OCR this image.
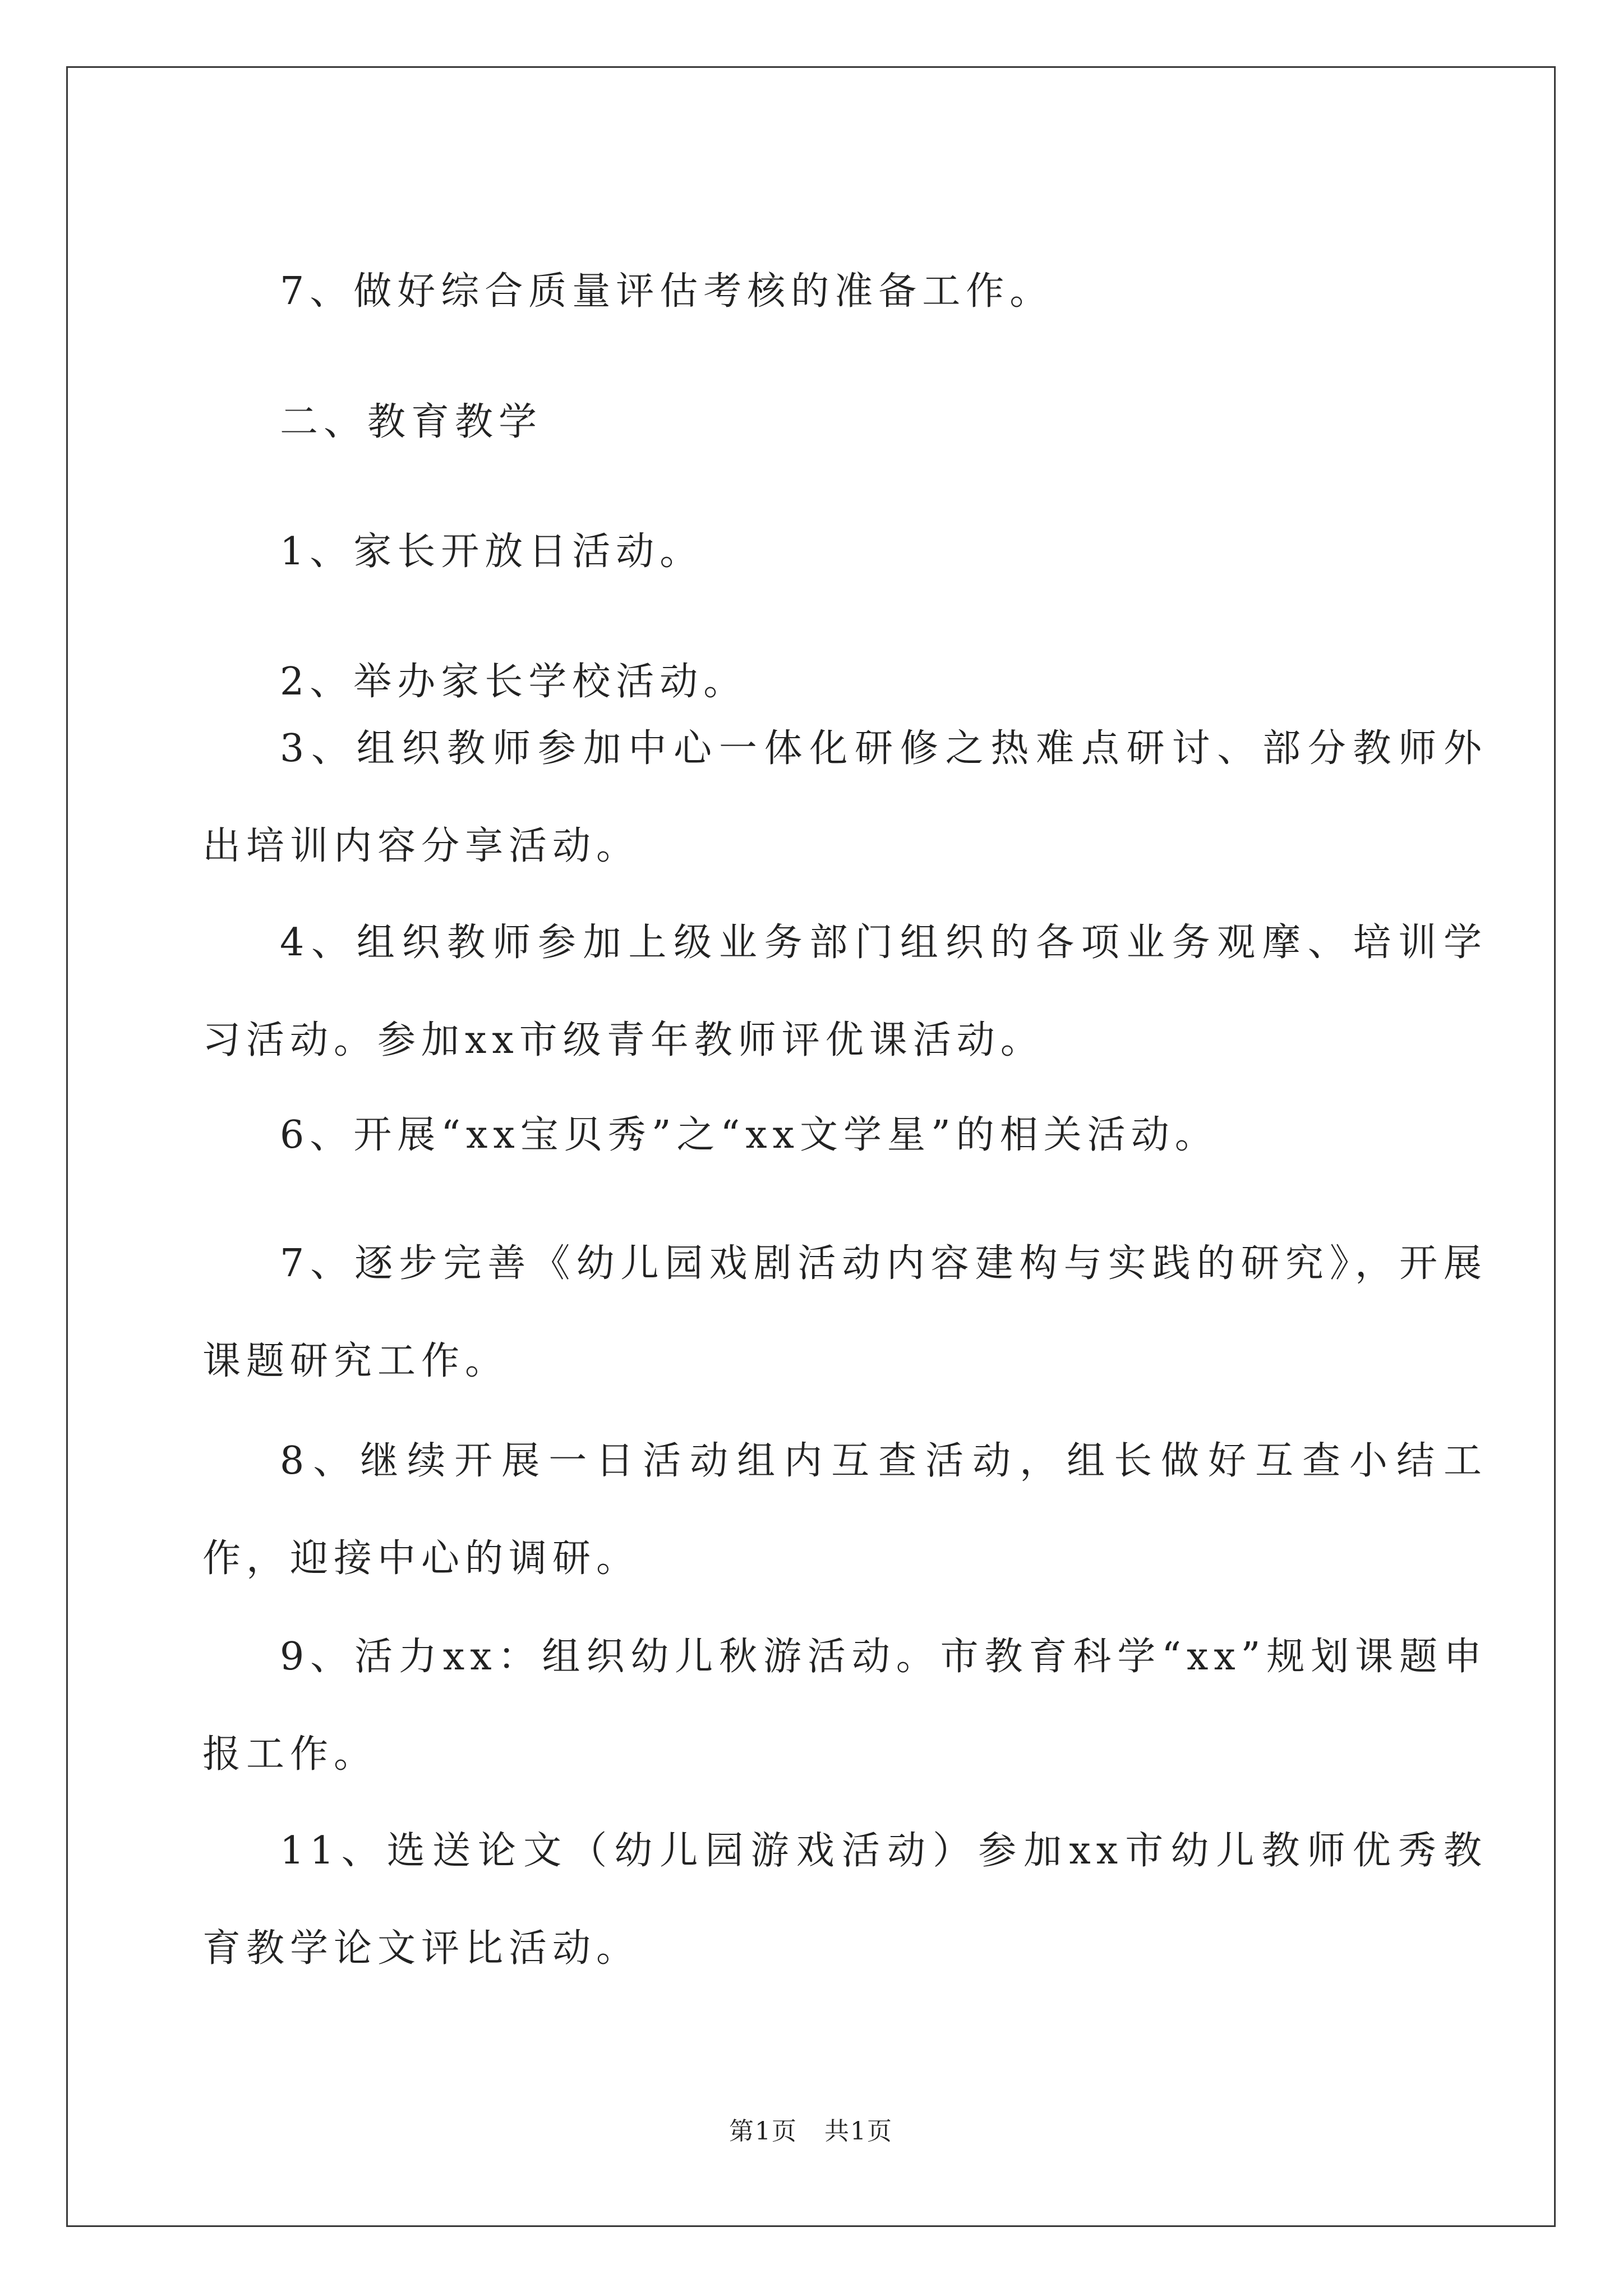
7、做好综合质量评估考核的准备工作。

二、教育教学

1、家长开放日活动。

2、举办家长学校活动。

3、组织教师参加中心一体化研修之热难点研讨、部分教师外出培训内容分享活动。

4、组织教师参加上级业务部门组织的各项业务观摩、培训学习活动。参加xx市级青年教师评优课活动。

6、开展“xx宝贝秀”之“xx文学星”的相关活动。

7、逐步完善《幼儿园戏剧活动内容建构与实践的研究》，开展课题研究工作。

8、继续开展一日活动组内互查活动，组长做好互查小结工作，迎接中心的调研。

9、活力xx：组织幼儿秋游活动。市教育科学“xx”规划课题申报工作。

11、选送论文（幼儿园游戏活动）参加xx市幼儿教师优秀教育教学论文评比活动。

第1页 共1页
